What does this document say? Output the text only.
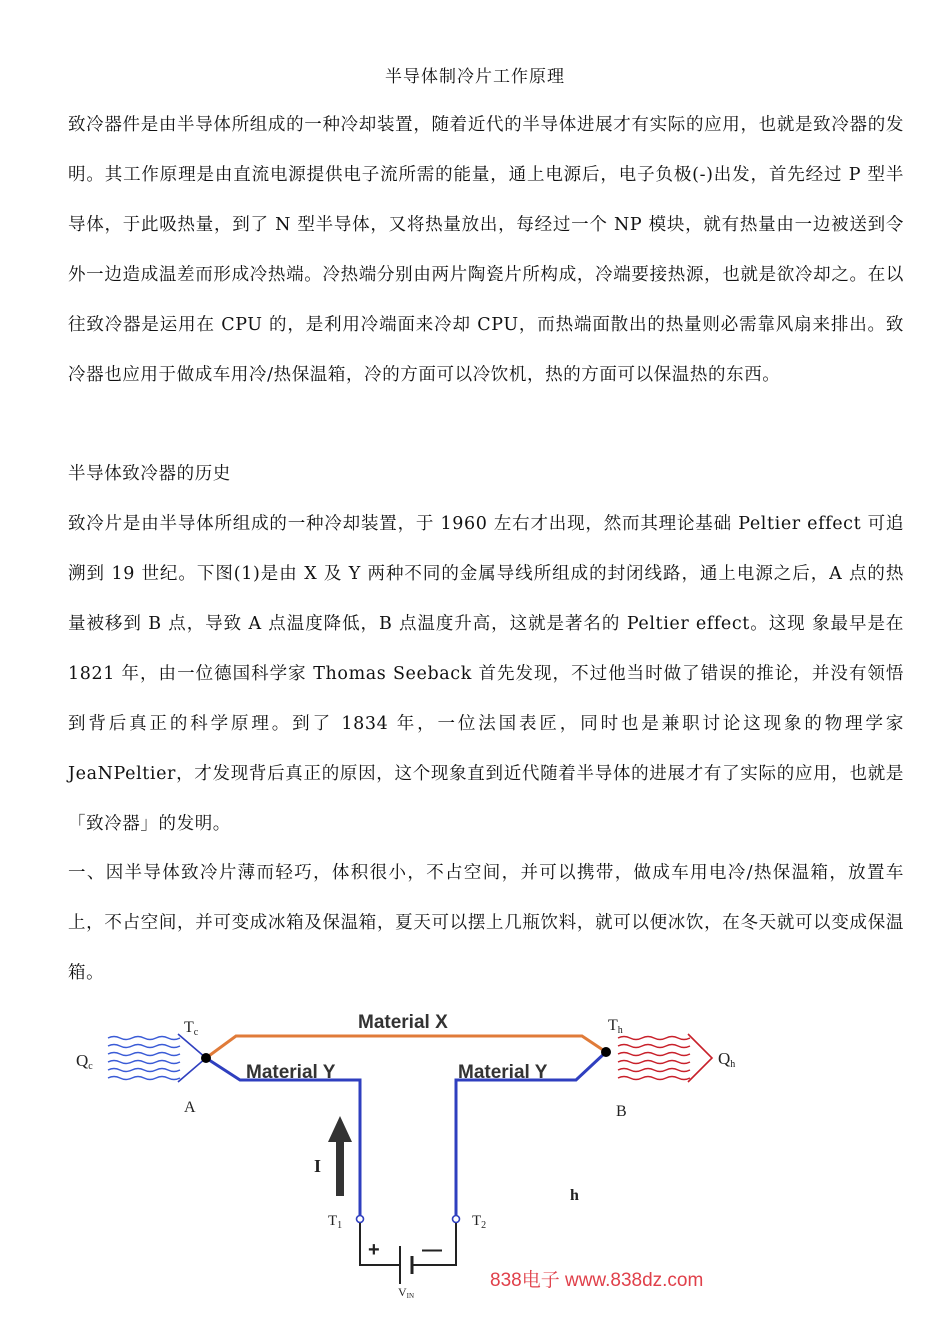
半导体制冷片工作原理

致冷器件是由半导体所组成的一种冷却装置，随着近代的半导体进展才有实际的应用，也就是致冷器的发明。其工作原理是由直流电源提供电子流所需的能量，通上电源后，电子负极(-)出发，首先经过 P 型半导体，于此吸热量，到了 N 型半导体，又将热量放出，每经过一个 NP 模块，就有热量由一边被送到令外一边造成温差而形成冷热端。冷热端分别由两片陶瓷片所构成，冷端要接热源，也就是欲冷却之。在以往致冷器是运用在 CPU 的，是利用冷端面来冷却 CPU，而热端面散出的热量则必需靠风扇来排出。致冷器也应用于做成车用冷/热保温箱，冷的方面可以冷饮机，热的方面可以保温热的东西。

半导体致冷器的历史

致冷片是由半导体所组成的一种冷却装置，于 1960 左右才出现，然而其理论基础 Peltier effect 可追溯到 19 世纪。下图(1)是由 X 及 Y 两种不同的金属导线所组成的封闭线路，通上电源之后，A 点的热量被移到 B 点，导致 A 点温度降低，B 点温度升高，这就是著名的 Peltier effect。这现 象最早是在 1821 年，由一位德国科学家 Thomas Seeback 首先发现，不过他当时做了错误的推论，并没有领悟到背后真正的科学原理。到了 1834 年，一位法国表匠，同时也是兼职讨论这现象的物理学家 JeaNPeltier，才发现背后真正的原因，这个现象直到近代随着半导体的进展才有了实际的应用，也就是「致冷器」的发明。

一、因半导体致冷片薄而轻巧，体积很小，不占空间，并可以携带，做成车用电冷/热保温箱，放置车上，不占空间，并可变成冰箱及保温箱，夏天可以摆上几瓶饮料，就可以便冰饮，在冬天就可以变成保温箱。

Material X
Material Y	Material Y
Tc	Th
Qc	Qh
A	B
I
h
$T_1$	$T_2$
+ —
VIN
838电子 www.838dz.com
